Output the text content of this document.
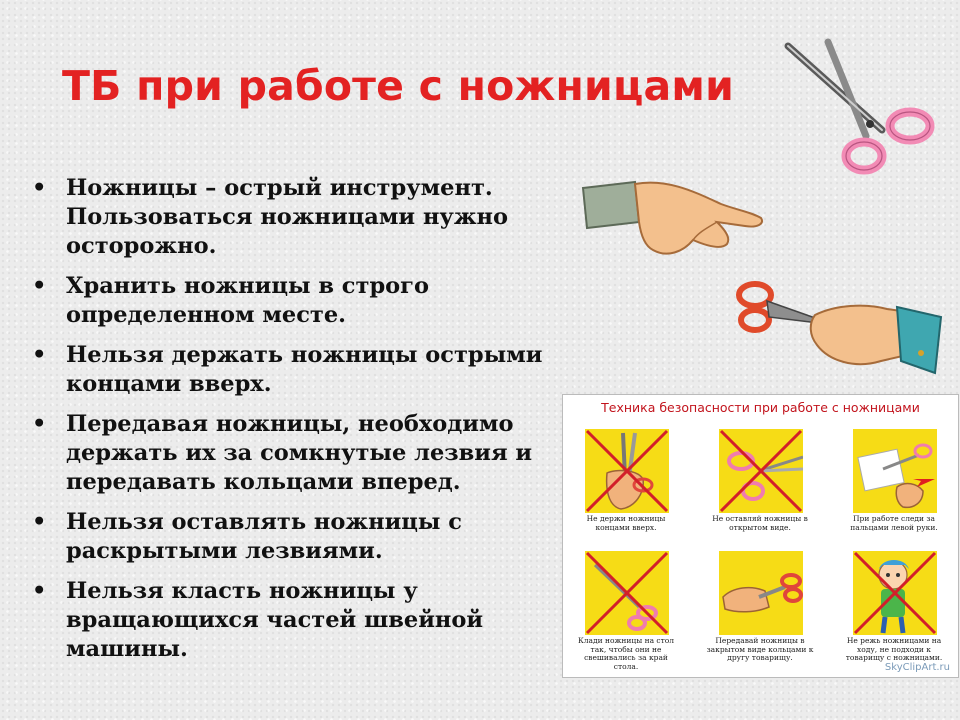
ТБ при работе с ножницами
• Ножницы – острый инструмент. Пользоваться ножницами нужно осторожно.
• Хранить ножницы в строго определенном месте.
• Нельзя держать ножницы острыми концами вверх.
• Передавая ножницы, необходимо держать их за сомкнутые лезвия и передавать кольцами вперед.
• Нельзя оставлять ножницы с раскрытыми лезвиями.
• Нельзя класть ножницы у вращающихся частей швейной машины.
Техника безопасности при работе с ножницами
Не держи ножницы концами вверх.
Не оставляй ножницы в открытом виде.
При работе следи за пальцами левой руки.
Клади ножницы на стол так, чтобы они не свешивались за край стола.
Передавай ножницы в закрытом виде кольцами к другу товарищу.
Не режь ножницами на ходу, не подходи к товарищу с ножницами.
SkyClipArt.ru
